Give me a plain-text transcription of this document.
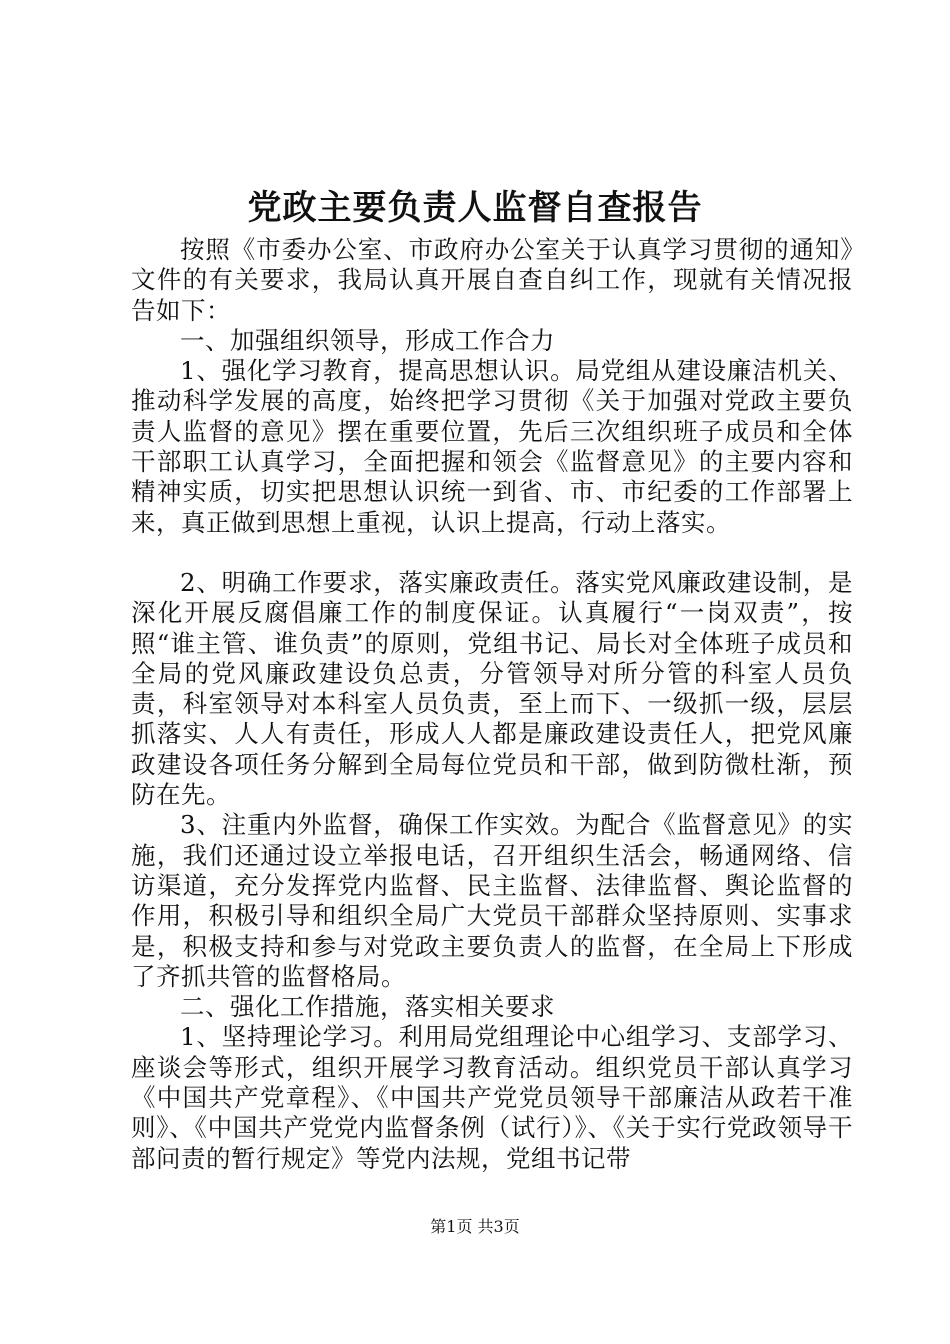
党政主要负责人监督自查报告

按照《市委办公室、市政府办公室关于认真学习贯彻的通知》文件的有关要求，我局认真开展自查自纠工作，现就有关情况报告如下：

一、加强组织领导，形成工作合力

1、强化学习教育，提高思想认识。局党组从建设廉洁机关、推动科学发展的高度，始终把学习贯彻《关于加强对党政主要负责人监督的意见》摆在重要位置，先后三次组织班子成员和全体干部职工认真学习，全面把握和领会《监督意见》的主要内容和精神实质，切实把思想认识统一到省、市、市纪委的工作部署上来，真正做到思想上重视，认识上提高，行动上落实。

2、明确工作要求，落实廉政责任。落实党风廉政建设制，是深化开展反腐倡廉工作的制度保证。认真履行“一岗双责”，按照“谁主管、谁负责”的原则，党组书记、局长对全体班子成员和全局的党风廉政建设负总责，分管领导对所分管的科室人员负责，科室领导对本科室人员负责，至上而下、一级抓一级，层层抓落实、人人有责任，形成人人都是廉政建设责任人，把党风廉政建设各项任务分解到全局每位党员和干部，做到防微杜渐，预防在先。

3、注重内外监督，确保工作实效。为配合《监督意见》的实施，我们还通过设立举报电话，召开组织生活会，畅通网络、信访渠道，充分发挥党内监督、民主监督、法律监督、舆论监督的作用，积极引导和组织全局广大党员干部群众坚持原则、实事求是，积极支持和参与对党政主要负责人的监督，在全局上下形成了齐抓共管的监督格局。

二、强化工作措施，落实相关要求

1、坚持理论学习。利用局党组理论中心组学习、支部学习、座谈会等形式，组织开展学习教育活动。组织党员干部认真学习《中国共产党章程》、《中国共产党党员领导干部廉洁从政若干准则》、《中国共产党党内监督条例（试行）》、《关于实行党政领导干部问责的暂行规定》等党内法规，党组书记带

第1页 共3页
